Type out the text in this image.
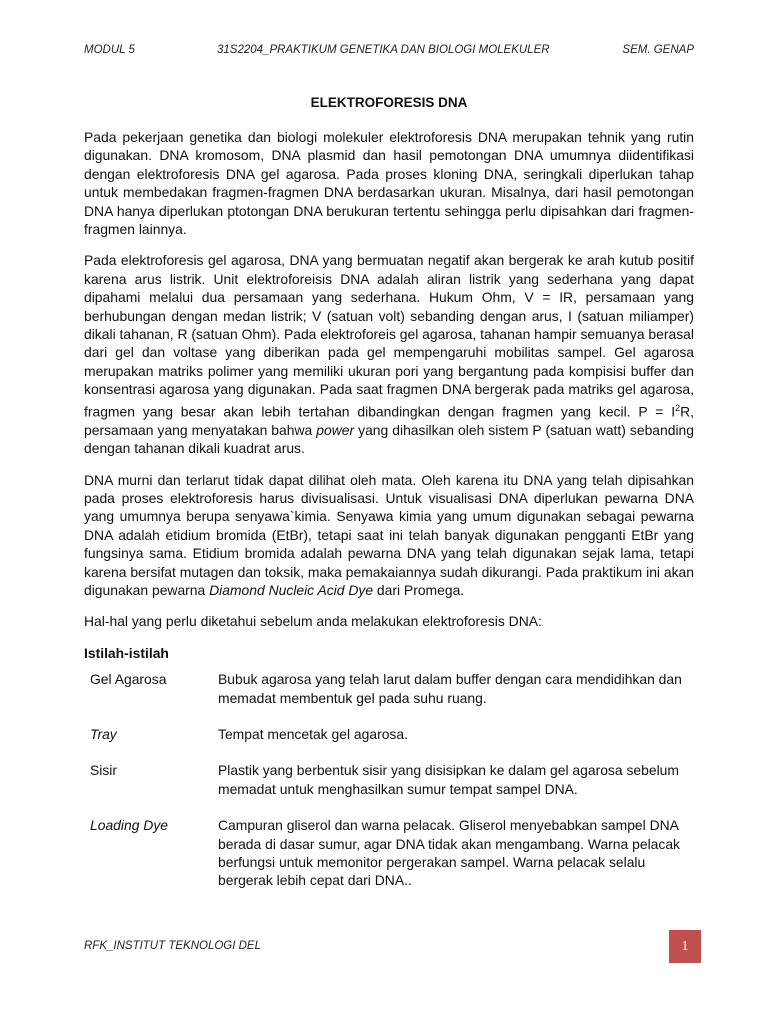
MODUL 5	31S2204_PRAKTIKUM GENETIKA DAN BIOLOGI MOLEKULER	SEM. GENAP
ELEKTROFORESIS DNA

Pada pekerjaan genetika dan biologi molekuler elektroforesis DNA merupakan tehnik yang rutin digunakan. DNA kromosom, DNA plasmid dan hasil pemotongan DNA umumnya diidentifikasi dengan elektroforesis DNA gel agarosa. Pada proses kloning DNA, seringkali diperlukan tahap untuk membedakan fragmen-fragmen DNA berdasarkan ukuran. Misalnya, dari hasil pemotongan DNA hanya diperlukan ptotongan DNA berukuran tertentu sehingga perlu dipisahkan dari fragmen-fragmen lainnya.

Pada elektroforesis gel agarosa, DNA yang bermuatan negatif akan bergerak ke arah kutub positif karena arus listrik. Unit elektroforeisis DNA adalah aliran listrik yang sederhana yang dapat dipahami melalui dua persamaan yang sederhana. Hukum Ohm, V = IR, persamaan yang berhubungan dengan medan listrik; V (satuan volt) sebanding dengan arus, I (satuan miliamper) dikali tahanan, R (satuan Ohm). Pada elektroforeis gel agarosa, tahanan hampir semuanya berasal dari gel dan voltase yang diberikan pada gel mempengaruhi mobilitas sampel. Gel agarosa merupakan matriks polimer yang memiliki ukuran pori yang bergantung pada kompisisi buffer dan konsentrasi agarosa yang digunakan. Pada saat fragmen DNA bergerak pada matriks gel agarosa, fragmen yang besar akan lebih tertahan dibandingkan dengan fragmen yang kecil. $P = I^2R$, persamaan yang menyatakan bahwa power yang dihasilkan oleh sistem P (satuan watt) sebanding dengan tahanan dikali kuadrat arus.

DNA murni dan terlarut tidak dapat dilihat oleh mata. Oleh karena itu DNA yang telah dipisahkan pada proses elektroforesis harus divisualisasi. Untuk visualisasi DNA diperlukan pewarna DNA yang umumnya berupa senyawa`kimia. Senyawa kimia yang umum digunakan sebagai pewarna DNA adalah etidium bromida (EtBr), tetapi saat ini telah banyak digunakan pengganti EtBr yang fungsinya sama. Etidium bromida adalah pewarna DNA yang telah digunakan sejak lama, tetapi karena bersifat mutagen dan toksik, maka pemakaiannya sudah dikurangi. Pada praktikum ini akan digunakan pewarna Diamond Nucleic Acid Dye dari Promega.

Hal-hal yang perlu diketahui sebelum anda melakukan elektroforesis DNA:

Istilah-istilah
Gel Agarosa	Bubuk agarosa yang telah larut dalam buffer dengan cara mendidihkan dan memadat membentuk gel pada suhu ruang.
Tray	Tempat mencetak gel agarosa.
Sisir	Plastik yang berbentuk sisir yang disisipkan ke dalam gel agarosa sebelum memadat untuk menghasilkan sumur tempat sampel DNA.
Loading Dye	Campuran gliserol dan warna pelacak. Gliserol menyebabkan sampel DNA berada di dasar sumur, agar DNA tidak akan mengambang. Warna pelacak berfungsi untuk memonitor pergerakan sampel. Warna pelacak selalu bergerak lebih cepat dari DNA..
RFK_INSTITUT TEKNOLOGI DEL	1
